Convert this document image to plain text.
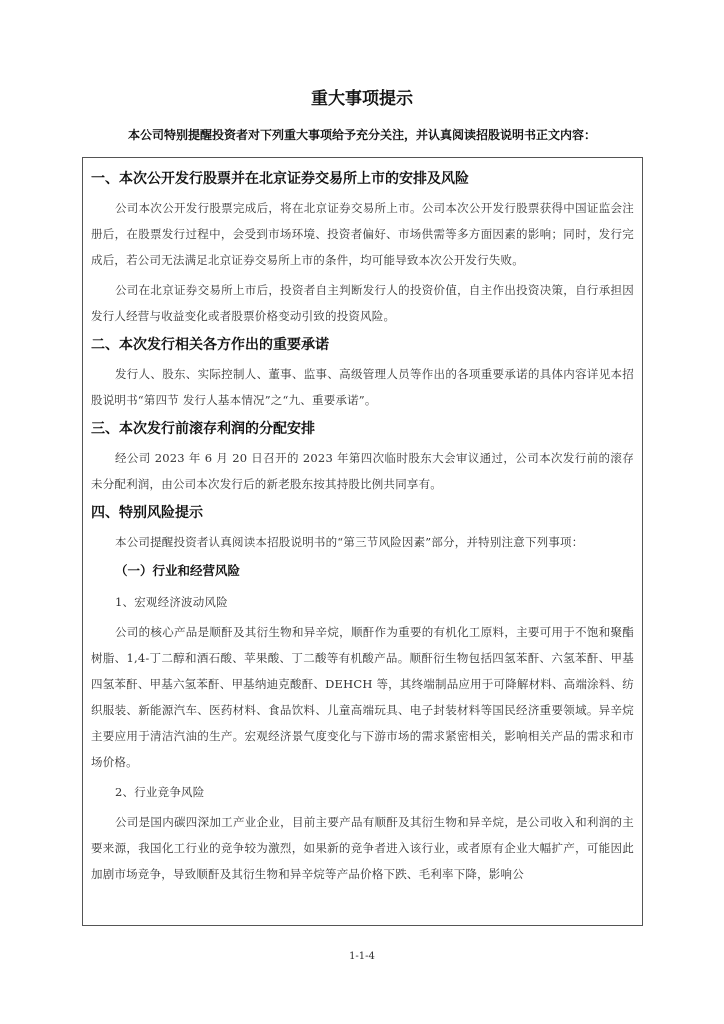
重大事项提示
本公司特别提醒投资者对下列重大事项给予充分关注，并认真阅读招股说明书正文内容：
一、本次公开发行股票并在北京证券交易所上市的安排及风险

公司本次公开发行股票完成后，将在北京证券交易所上市。公司本次公开发行股票获得中国证监会注册后，在股票发行过程中，会受到市场环境、投资者偏好、市场供需等多方面因素的影响；同时，发行完成后，若公司无法满足北京证券交易所上市的条件，均可能导致本次公开发行失败。

公司在北京证券交易所上市后，投资者自主判断发行人的投资价值，自主作出投资决策，自行承担因发行人经营与收益变化或者股票价格变动引致的投资风险。

二、本次发行相关各方作出的重要承诺

发行人、股东、实际控制人、董事、监事、高级管理人员等作出的各项重要承诺的具体内容详见本招股说明书“第四节 发行人基本情况”之“九、重要承诺”。

三、本次发行前滚存利润的分配安排

经公司 2023 年 6 月 20 日召开的 2023 年第四次临时股东大会审议通过，公司本次发行前的滚存未分配利润，由公司本次发行后的新老股东按其持股比例共同享有。

四、特别风险提示

本公司提醒投资者认真阅读本招股说明书的“第三节风险因素”部分，并特别注意下列事项：

（一）行业和经营风险

1、宏观经济波动风险

公司的核心产品是顺酐及其衍生物和异辛烷，顺酐作为重要的有机化工原料，主要可用于不饱和聚酯树脂、1,4-丁二醇和酒石酸、苹果酸、丁二酸等有机酸产品。顺酐衍生物包括四氢苯酐、六氢苯酐、甲基四氢苯酐、甲基六氢苯酐、甲基纳迪克酸酐、DEHCH 等，其终端制品应用于可降解材料、高端涂料、纺织服装、新能源汽车、医药材料、食品饮料、儿童高端玩具、电子封装材料等国民经济重要领域。异辛烷主要应用于清洁汽油的生产。宏观经济景气度变化与下游市场的需求紧密相关，影响相关产品的需求和市场价格。

2、行业竞争风险

公司是国内碳四深加工产业企业，目前主要产品有顺酐及其衍生物和异辛烷，是公司收入和利润的主要来源，我国化工行业的竞争较为激烈，如果新的竞争者进入该行业，或者原有企业大幅扩产，可能因此加剧市场竞争，导致顺酐及其衍生物和异辛烷等产品价格下跌、毛利率下降，影响公

1-1-4
